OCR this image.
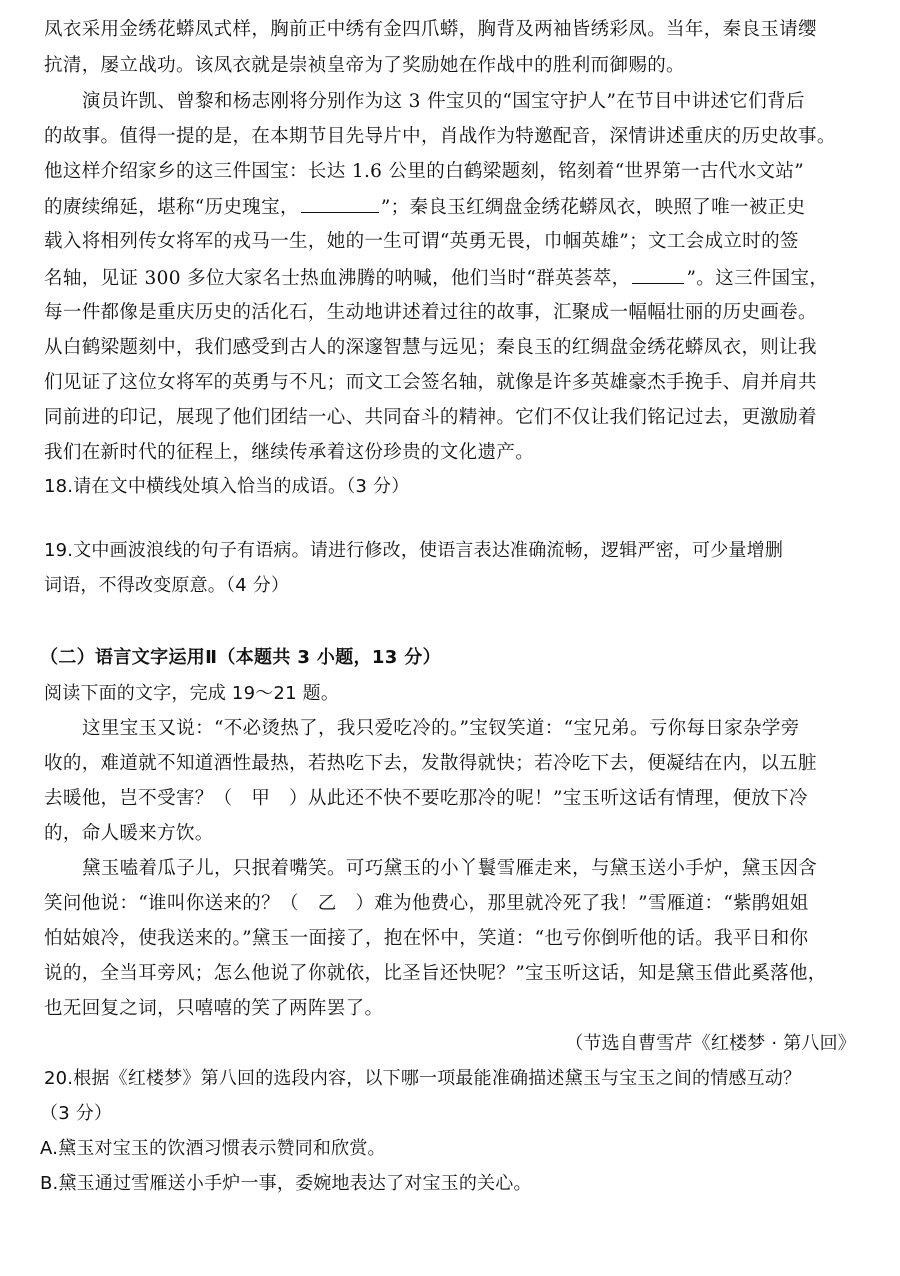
凤衣采用金绣花蟒凤式样，胸前正中绣有金四爪蟒，胸背及两袖皆绣彩凤。当年，秦良玉请缨
抗清，屡立战功。该凤衣就是崇祯皇帝为了奖励她在作战中的胜利而御赐的。
演员许凯、曾黎和杨志刚将分别作为这 3 件宝贝的“国宝守护人”在节目中讲述它们背后
的故事。值得一提的是，在本期节目先导片中，肖战作为特邀配音，深情讲述重庆的历史故事。
他这样介绍家乡的这三件国宝：长达 1.6 公里的白鹤梁题刻，铭刻着“世界第一古代水文站”
的赓续绵延，堪称“历史瑰宝，	”；秦良玉红绸盘金绣花蟒凤衣，映照了唯一被正史
载入将相列传女将军的戎马一生，她的一生可谓“英勇无畏，巾帼英雄”；文工会成立时的签
名轴，见证 300 多位大家名士热血沸腾的呐喊，他们当时“群英荟萃，	”。这三件国宝，
每一件都像是重庆历史的活化石，生动地讲述着过往的故事，汇聚成一幅幅壮丽的历史画卷。
从白鹤梁题刻中，我们感受到古人的深邃智慧与远见；秦良玉的红绸盘金绣花蟒凤衣，则让我
们见证了这位女将军的英勇与不凡；而文工会签名轴，就像是许多英雄豪杰手挽手、肩并肩共
同前进的印记，展现了他们团结一心、共同奋斗的精神。它们不仅让我们铭记过去，更激励着
我们在新时代的征程上，继续传承着这份珍贵的文化遗产。
18.请在文中横线处填入恰当的成语。（3 分）
19.文中画波浪线的句子有语病。请进行修改，使语言表达准确流畅，逻辑严密，可少量增删
词语，不得改变原意。（4 分）
（二）语言文字运用Ⅱ（本题共 3 小题，13 分）
阅读下面的文字，完成 19～21 题。
这里宝玉又说：“不必烫热了，我只爱吃冷的。”宝钗笑道：“宝兄弟。亏你每日家杂学旁
收的，难道就不知道酒性最热，若热吃下去，发散得就快；若冷吃下去，便凝结在内，以五脏
去暖他，岂不受害？（　甲　）从此还不快不要吃那冷的呢！”宝玉听这话有情理，便放下冷
的，命人暖来方饮。
黛玉嗑着瓜子儿，只抿着嘴笑。可巧黛玉的小丫鬟雪雁走来，与黛玉送小手炉，黛玉因含
笑问他说：“谁叫你送来的？（　乙　）难为他费心，那里就冷死了我！”雪雁道：“紫鹃姐姐
怕姑娘冷，使我送来的。”黛玉一面接了，抱在怀中，笑道：“也亏你倒听他的话。我平日和你
说的，全当耳旁风；怎么他说了你就依，比圣旨还快呢？”宝玉听这话，知是黛玉借此奚落他，
也无回复之词，只嘻嘻的笑了两阵罢了。
（节选自曹雪芹《红楼梦 · 第八回》
20.根据《红楼梦》第八回的选段内容，以下哪一项最能准确描述黛玉与宝玉之间的情感互动？
（3 分）
A.黛玉对宝玉的饮酒习惯表示赞同和欣赏。
B.黛玉通过雪雁送小手炉一事，委婉地表达了对宝玉的关心。
